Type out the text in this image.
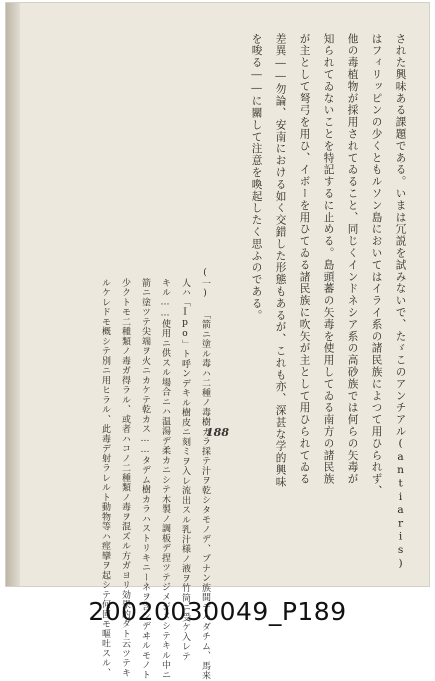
された興味ある課題である。いまは冗説を試みないで、たゞこのアンチアル(antiaris)
はフィリッピンの少くともルソン島においてはイライ系の諸民族によつて用ひられず、
他の毒植物が採用されてゐること、同じくインドネシア系の高砂族では何らの矢毒が
知られてゐないことを特記するに止める。島頭蕃の矢毒を使用してゐる南方の諸民族
が主として弩弓を用ひ、イボーを用ひてゐる諸民族に吹矢が主として用ひられてゐる
差異――勿論、安南における如く交錯した形態もあるが、これも亦、深甚な学的興味
を唆る――に關して注意を喚起したく思ふのである。
(一) 「箭ニ塗ル毒ハ二種ノ毒樹カラ採テ汁ヲ乾シタモノデ、ブナン族間デハダチム、馬来
人ハ「Ipo」ト呼ンデキル樹皮ニ刻ミヲ入レ流出スル乳汁様ノ液ヲ竹筒ニ受ケ入レテ
キル……使用ニ供スル場合ニハ温湯デ柔カニシテ木製ノ調板デ捏ツテジメジメシテキル中ニ
箭ニ塗ツテ尖端ヲ火ニカケテ乾カス……タデム樹カラハストリキニーネヲ含ンデヰルモノト
少クトモ二種類ノ毒ガ得ラル、或者ハコノ二種類ノ毒ヲ混ズル方ガヨリ効果的ダト云ツテキ
ルケレドモ概シテ別ニ用ヒラル、此毒デ射ラレルト動物等ハ痙攣ヲ起シテ何回モ嘔吐スル、	188
20020030049_P189
